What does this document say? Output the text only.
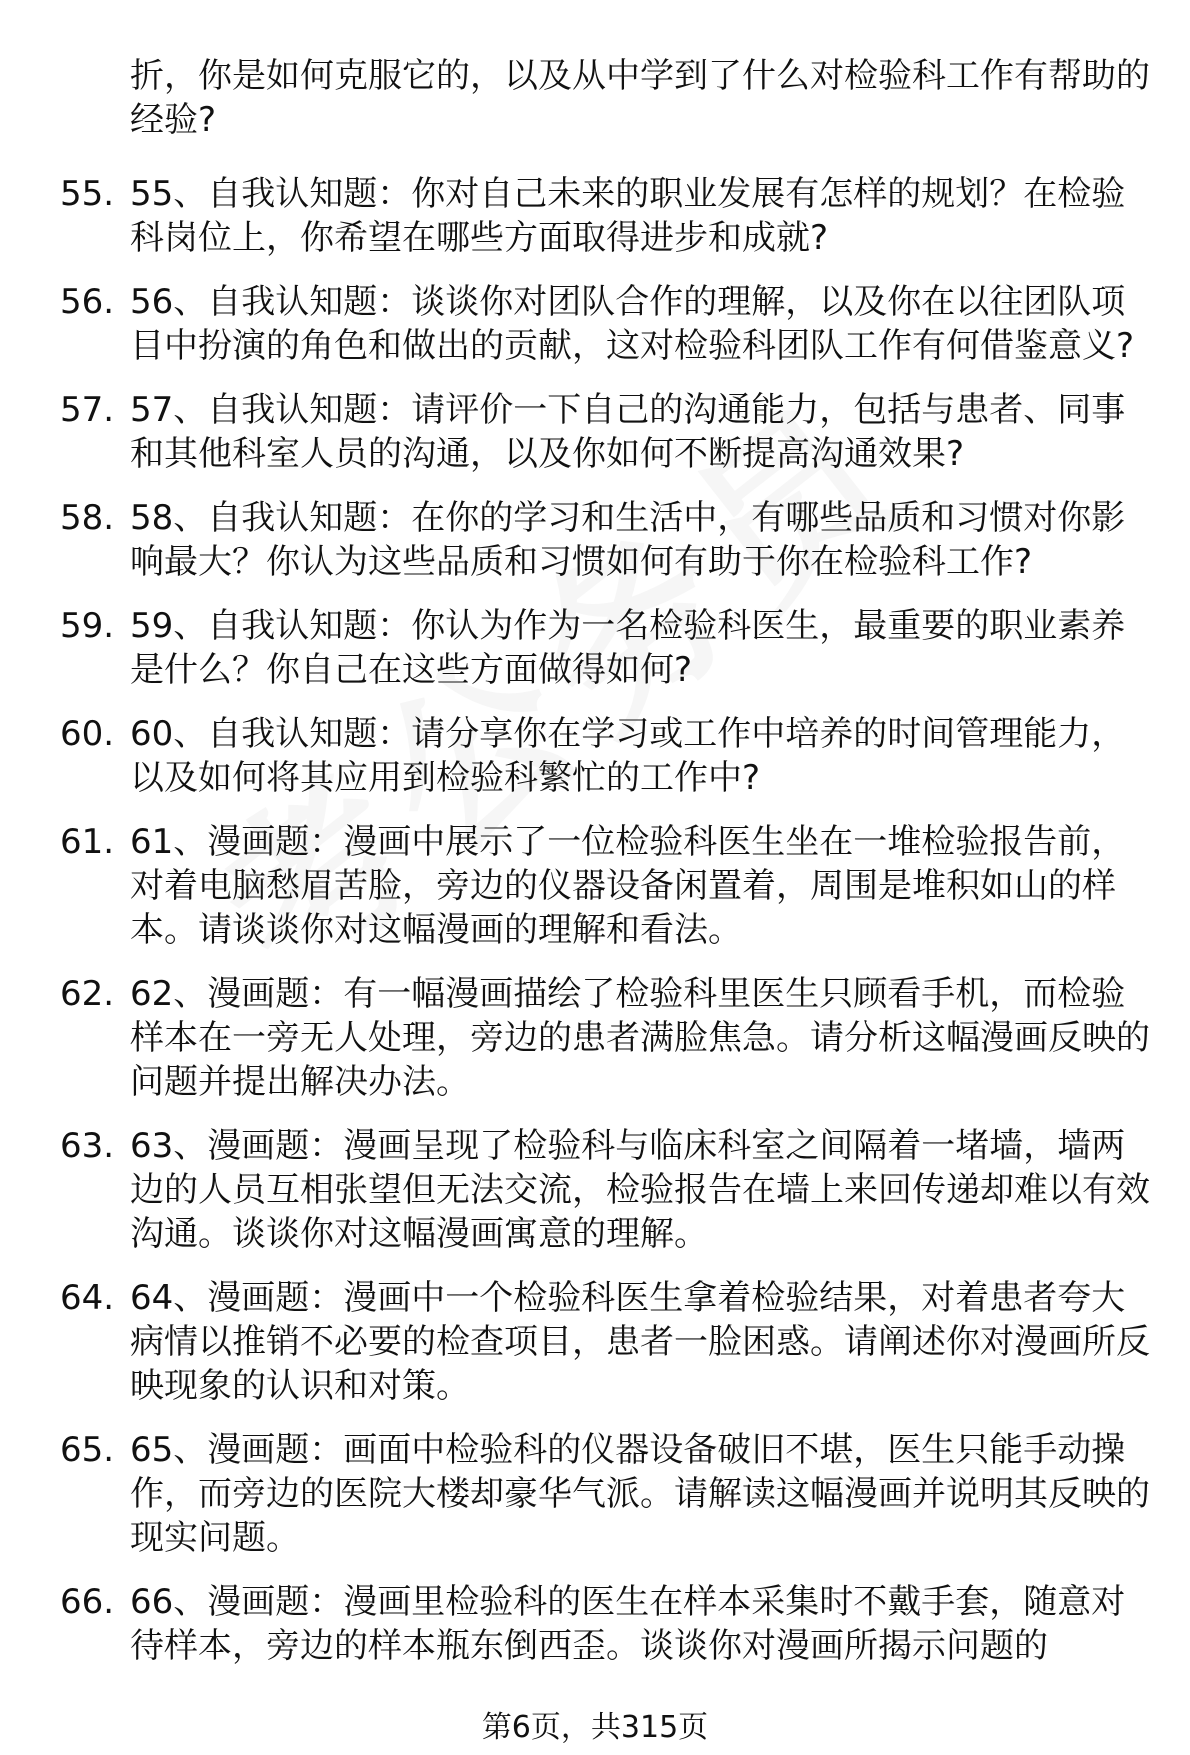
折，你是如何克服它的，以及从中学到了什么对检验科工作有帮助的经验?
55. 55、自我认知题：你对自己未来的职业发展有怎样的规划？在检验科岗位上，你希望在哪些方面取得进步和成就?
56. 56、自我认知题：谈谈你对团队合作的理解，以及你在以往团队项目中扮演的角色和做出的贡献，这对检验科团队工作有何借鉴意义?
57. 57、自我认知题：请评价一下自己的沟通能力，包括与患者、同事和其他科室人员的沟通，以及你如何不断提高沟通效果?
58. 58、自我认知题：在你的学习和生活中，有哪些品质和习惯对你影响最大？你认为这些品质和习惯如何有助于你在检验科工作?
59. 59、自我认知题：你认为作为一名检验科医生，最重要的职业素养是什么？你自己在这些方面做得如何?
60. 60、自我认知题：请分享你在学习或工作中培养的时间管理能力，以及如何将其应用到检验科繁忙的工作中?
61. 61、漫画题：漫画中展示了一位检验科医生坐在一堆检验报告前，对着电脑愁眉苦脸，旁边的仪器设备闲置着，周围是堆积如山的样本。请谈谈你对这幅漫画的理解和看法。
62. 62、漫画题：有一幅漫画描绘了检验科里医生只顾看手机，而检验样本在一旁无人处理，旁边的患者满脸焦急。请分析这幅漫画反映的问题并提出解决办法。
63. 63、漫画题：漫画呈现了检验科与临床科室之间隔着一堵墙，墙两边的人员互相张望但无法交流，检验报告在墙上来回传递却难以有效沟通。谈谈你对这幅漫画寓意的理解。
64. 64、漫画题：漫画中一个检验科医生拿着检验结果，对着患者夸大病情以推销不必要的检查项目，患者一脸困惑。请阐述你对漫画所反映现象的认识和对策。
65. 65、漫画题：画面中检验科的仪器设备破旧不堪，医生只能手动操作，而旁边的医院大楼却豪华气派。请解读这幅漫画并说明其反映的现实问题。
66. 66、漫画题：漫画里检验科的医生在样本采集时不戴手套，随意对待样本，旁边的样本瓶东倒西歪。谈谈你对漫画所揭示问题的
第6页，共315页
